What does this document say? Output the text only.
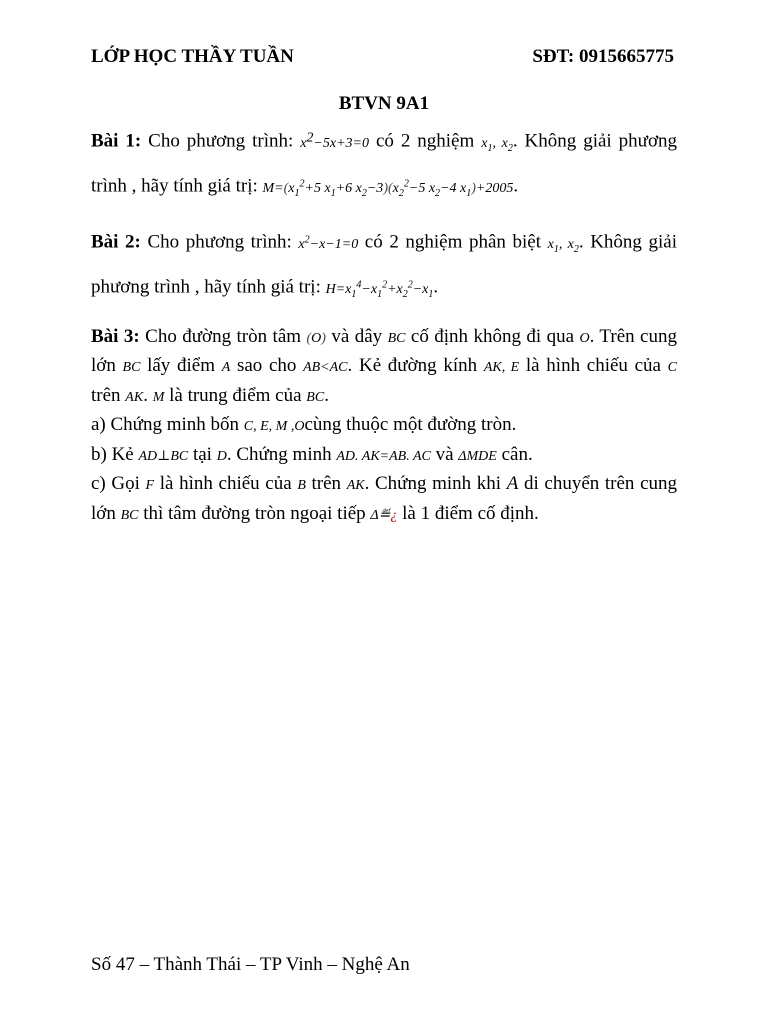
LỚP HỌC THẦY TUẦN	SĐT: 0915665775
BTVN 9A1

Bài 1: Cho phương trình: $x^2-5x+3=0$ có 2 nghiệm $x_1$, $x_2$. Không giải phương trình , hãy tính giá trị: $M=(x_1^2+5$ $x_1+6$ $x_2-3)(x_2^2-5$ $x_2-4$ $x_1)+2005$.

Bài 2: Cho phương trình: $x^2-x-1=0$ có 2 nghiệm phân biệt $x_1$, $x_2$. Không giải phương trình , hãy tính giá trị: $H=x_1^4-x_1^2+x_2^2-x_1$.

Bài 3: Cho đường tròn tâm (O) và dây BC cố định không đi qua O. Trên cung lớn BC lấy điểm A sao cho AB<AC. Kẻ đường kính AK, E là hình chiếu của C trên AK. M là trung điểm của BC.

a) Chứng minh bốn C, E, M ,Ocùng thuộc một đường tròn.

b) Kẻ AD⊥BC tại D. Chứng minh AD. AK=AB. AC và ΔMDE cân.

c) Gọi F là hình chiếu của B trên AK. Chứng minh khi A di chuyển trên cung lớn BC thì tâm đường tròn ngoại tiếp Δ≝¿ là 1 điểm cố định.

Số 47 – Thành Thái – TP Vinh – Nghệ An
